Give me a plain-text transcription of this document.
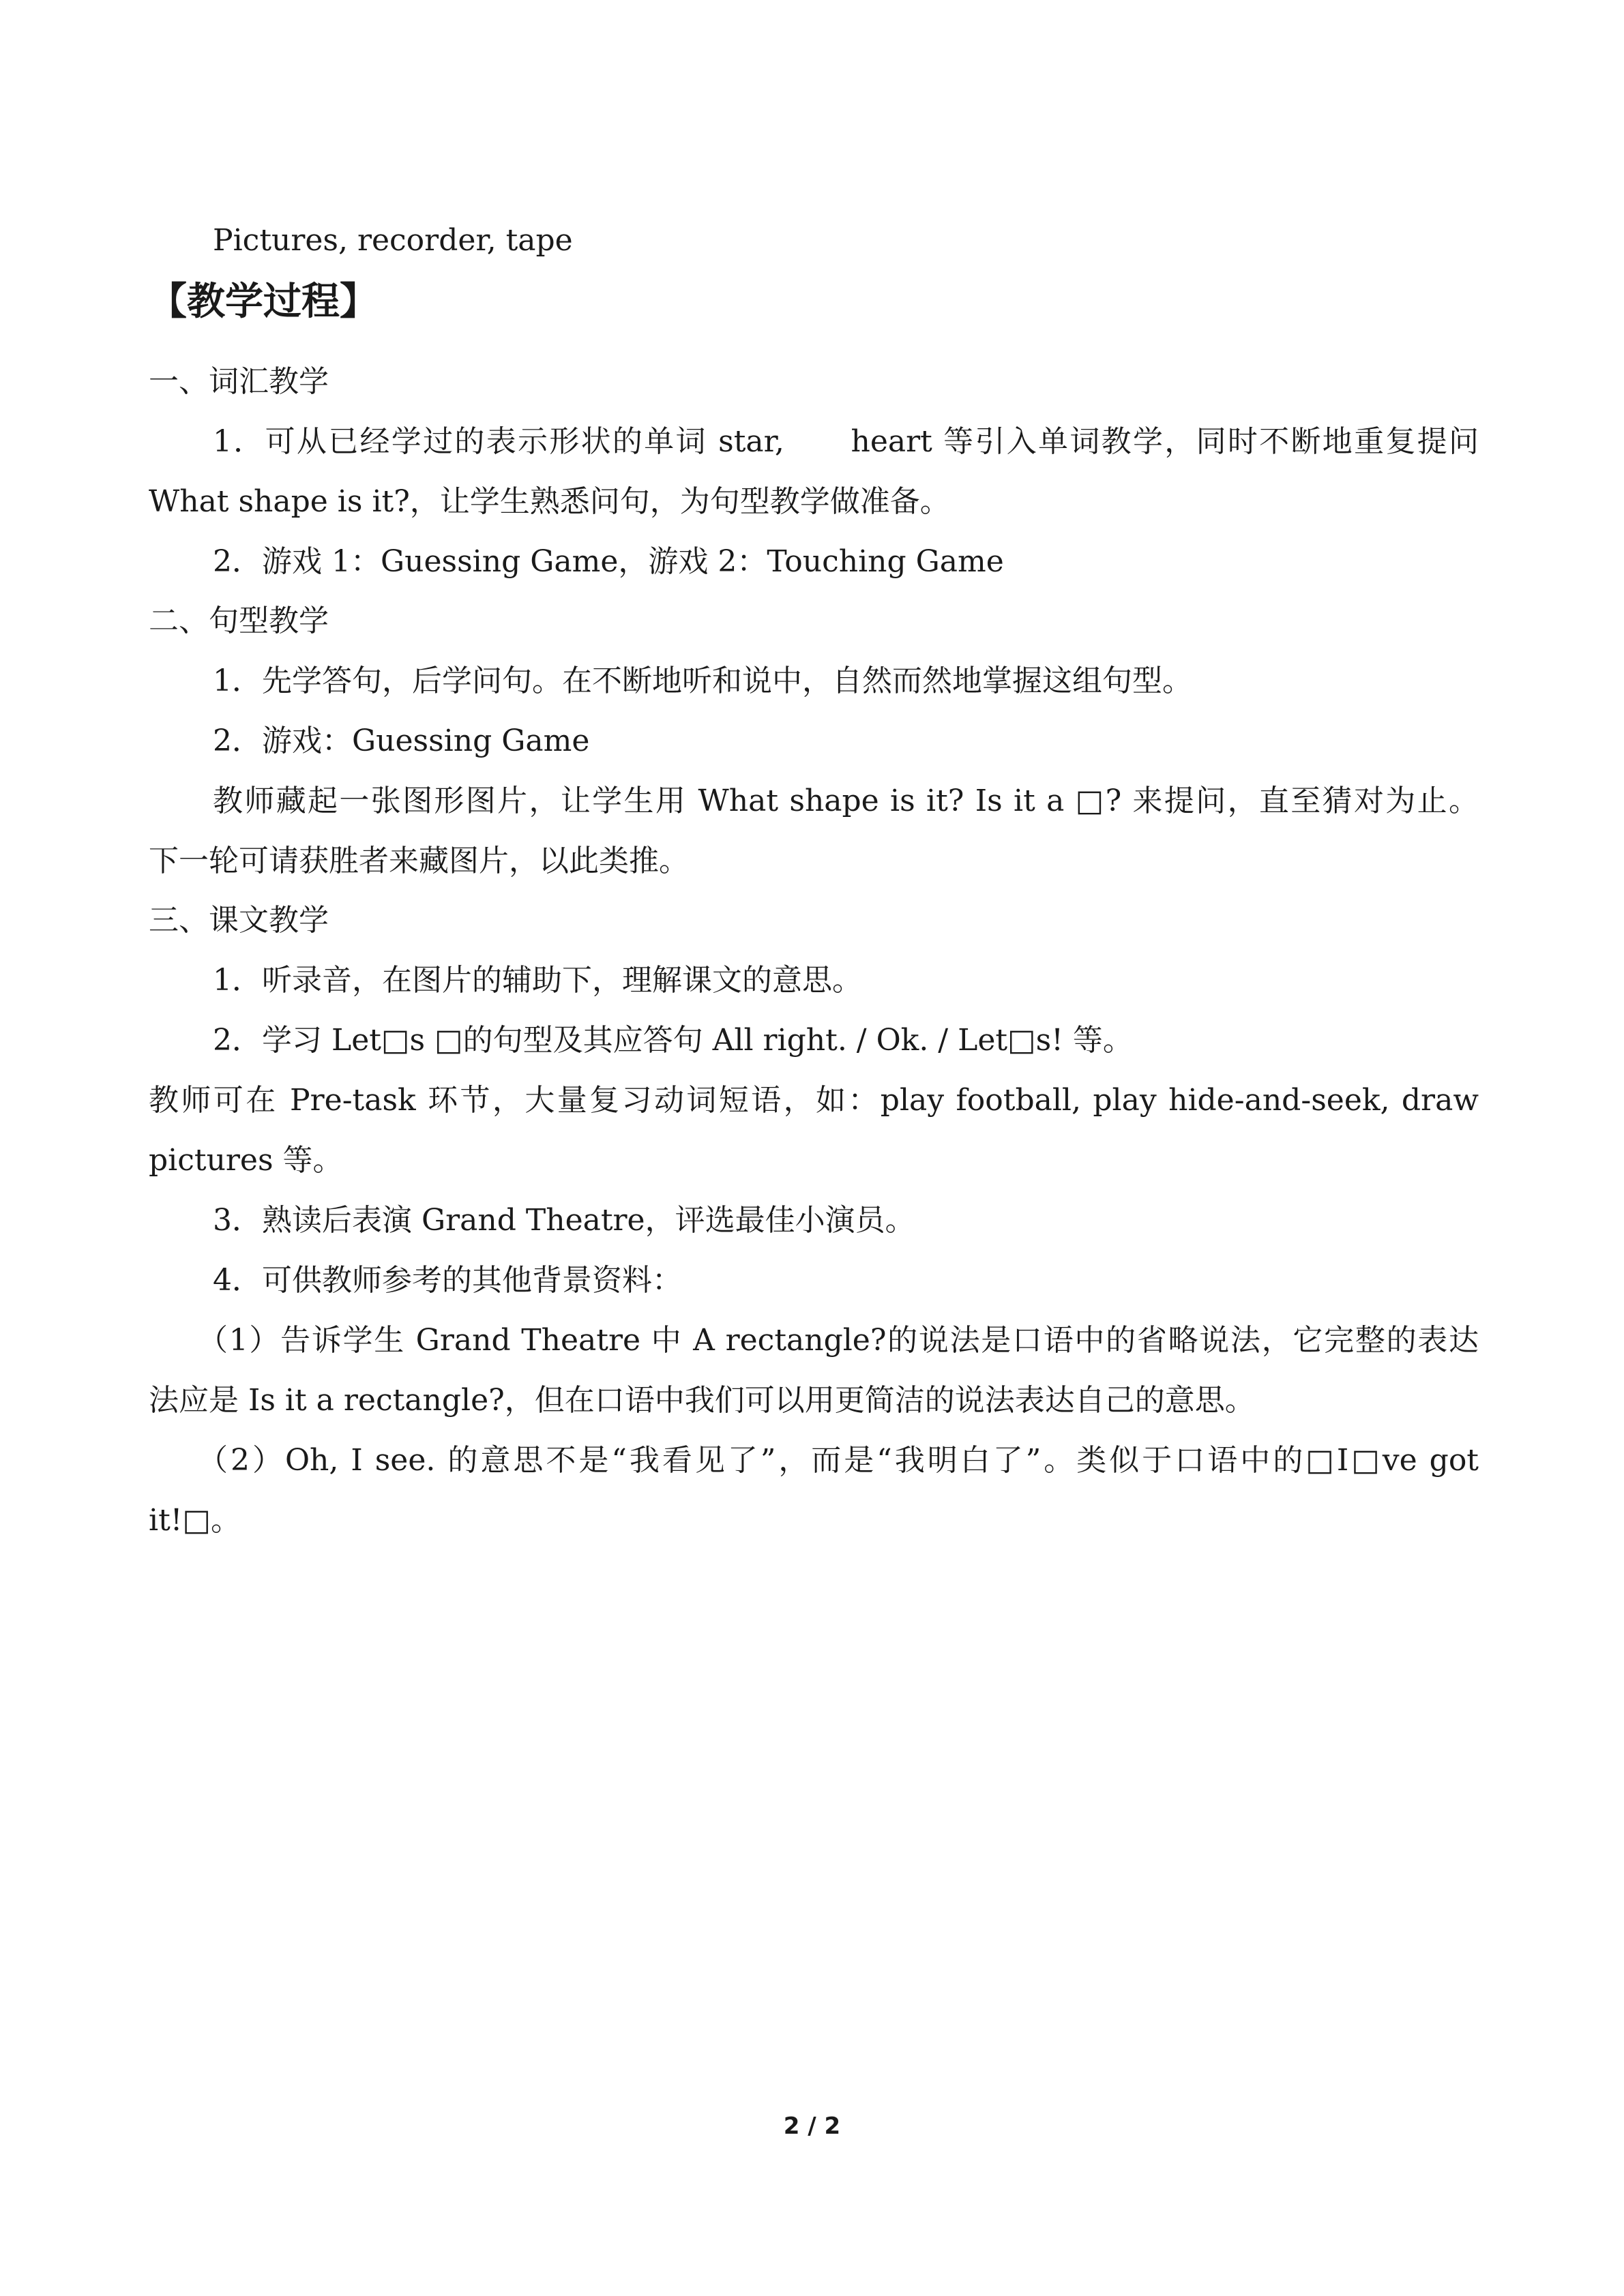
Pictures, recorder, tape
【教学过程】
一、词汇教学
1．可从已经学过的表示形状的单词 star,      heart 等引入单词教学，同时不断地重复提问
What shape is it?，让学生熟悉问句，为句型教学做准备。
2．游戏 1：Guessing Game，游戏 2：Touching Game
二、句型教学
1．先学答句，后学问句。在不断地听和说中，自然而然地掌握这组句型。
2．游戏：Guessing Game
教师藏起一张图形图片，让学生用 What shape is it? Is it a □? 来提问，直至猜对为止。
下一轮可请获胜者来藏图片，以此类推。
三、课文教学
1．听录音，在图片的辅助下，理解课文的意思。
2．学习 Let□s □的句型及其应答句 All right. / Ok. / Let□s! 等。
教师可在 Pre-task 环节，大量复习动词短语，如：play football, play hide-and-seek, draw
pictures 等。
3．熟读后表演 Grand Theatre，评选最佳小演员。
4．可供教师参考的其他背景资料：
（1）告诉学生 Grand Theatre 中 A rectangle?的说法是口语中的省略说法，它完整的表达
法应是 Is it a rectangle?，但在口语中我们可以用更简洁的说法表达自己的意思。
（2）Oh, I see. 的意思不是“我看见了”，而是“我明白了”。类似于口语中的□I□ve got
it!□。
2 / 2
